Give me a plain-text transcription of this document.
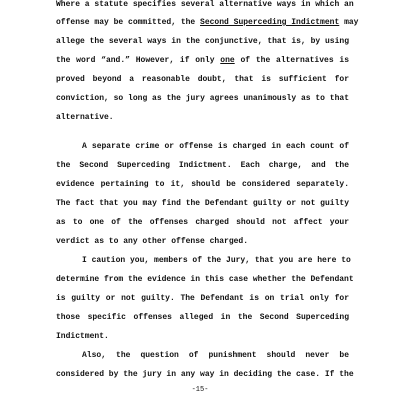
Where a statute specifies several alternative ways in which an
offense may be committed, the Second Superceding Indictment may
allege the several ways in the conjunctive, that is, by using
the word “and.” However, if only one of the alternatives is
proved beyond a reasonable doubt, that is sufficient for
conviction, so long as the jury agrees unanimously as to that
alternative.
A separate crime or offense is charged in each count of
the Second Superceding Indictment. Each charge, and the
evidence pertaining to it, should be considered separately.
The fact that you may find the Defendant guilty or not guilty
as to one of the offenses charged should not affect your
verdict as to any other offense charged.
I caution you, members of the Jury, that you are here to
determine from the evidence in this case whether the Defendant
is guilty or not guilty. The Defendant is on trial only for
those specific offenses alleged in the Second Superceding
Indictment.
Also, the question of punishment should never be
considered by the jury in any way in deciding the case. If the
-15-
